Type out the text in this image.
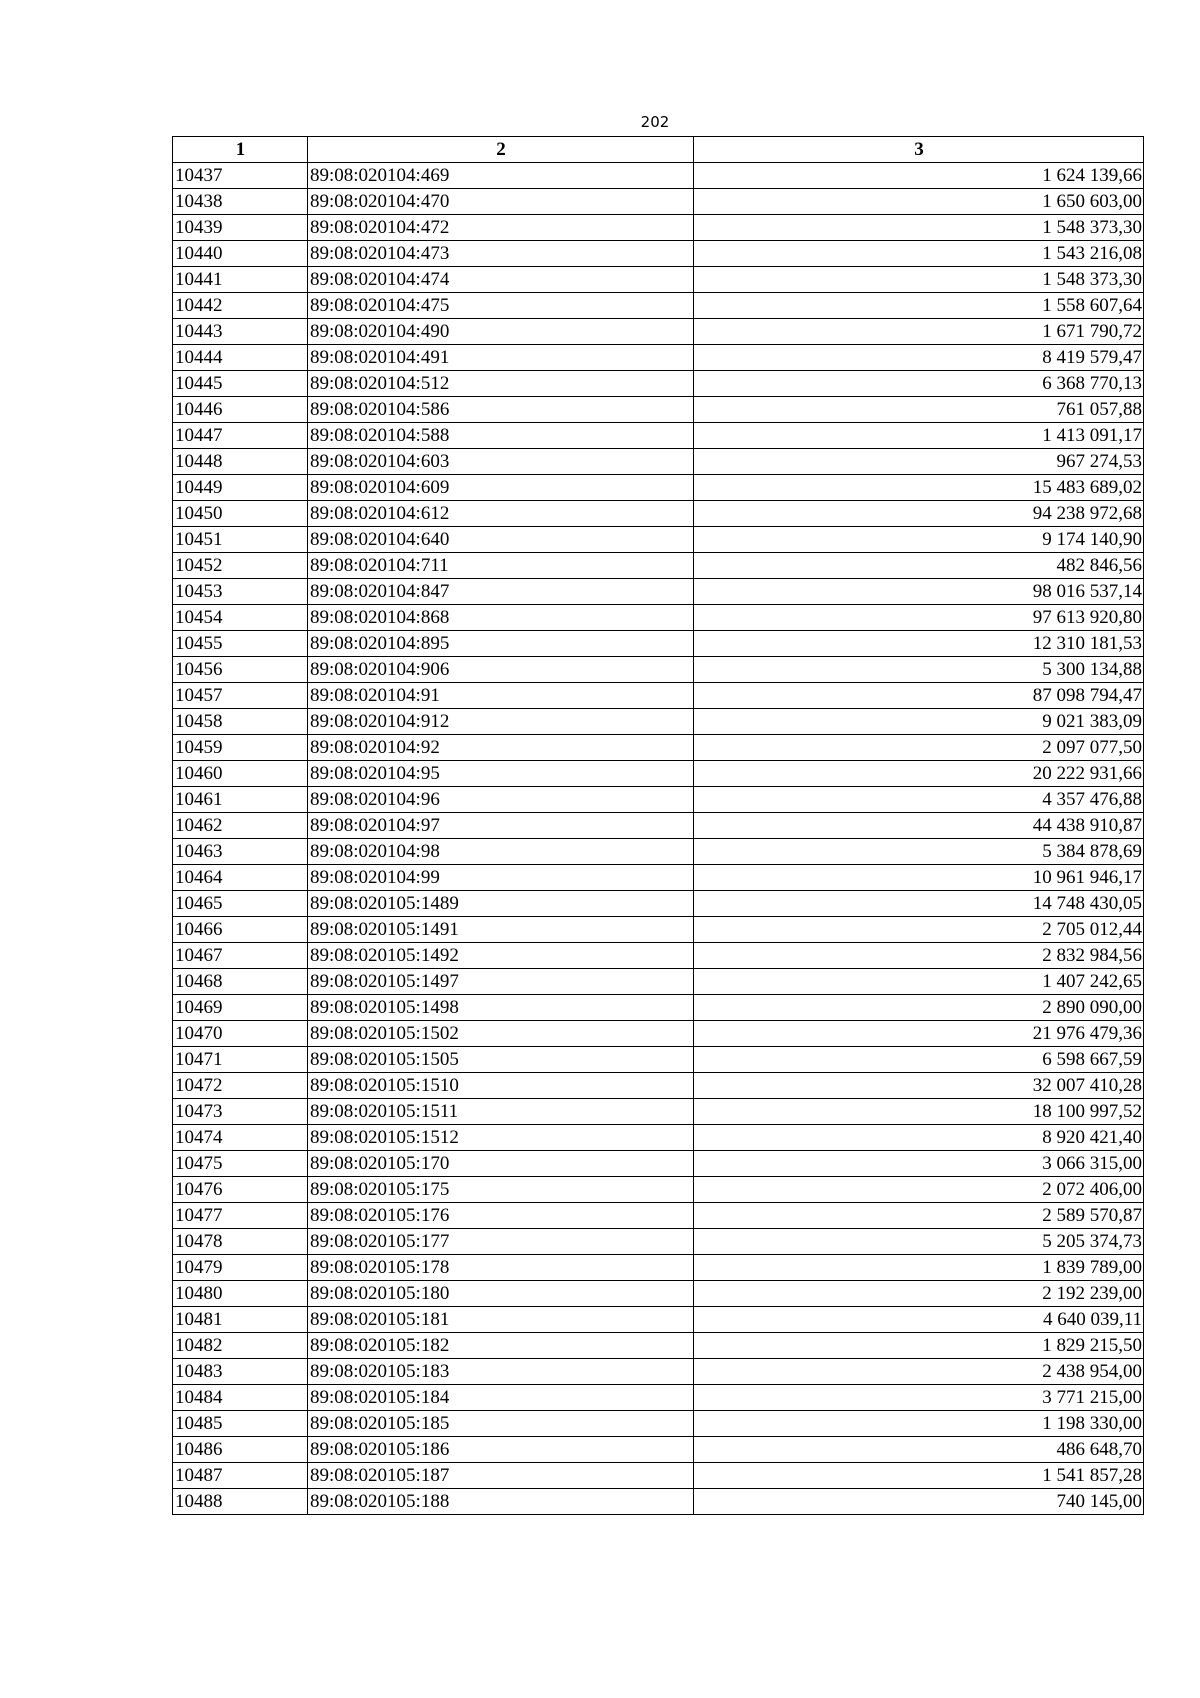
202
1	2	3
10437	89:08:020104:469	1 624 139,66
10438	89:08:020104:470	1 650 603,00
10439	89:08:020104:472	1 548 373,30
10440	89:08:020104:473	1 543 216,08
10441	89:08:020104:474	1 548 373,30
10442	89:08:020104:475	1 558 607,64
10443	89:08:020104:490	1 671 790,72
10444	89:08:020104:491	8 419 579,47
10445	89:08:020104:512	6 368 770,13
10446	89:08:020104:586	761 057,88
10447	89:08:020104:588	1 413 091,17
10448	89:08:020104:603	967 274,53
10449	89:08:020104:609	15 483 689,02
10450	89:08:020104:612	94 238 972,68
10451	89:08:020104:640	9 174 140,90
10452	89:08:020104:711	482 846,56
10453	89:08:020104:847	98 016 537,14
10454	89:08:020104:868	97 613 920,80
10455	89:08:020104:895	12 310 181,53
10456	89:08:020104:906	5 300 134,88
10457	89:08:020104:91	87 098 794,47
10458	89:08:020104:912	9 021 383,09
10459	89:08:020104:92	2 097 077,50
10460	89:08:020104:95	20 222 931,66
10461	89:08:020104:96	4 357 476,88
10462	89:08:020104:97	44 438 910,87
10463	89:08:020104:98	5 384 878,69
10464	89:08:020104:99	10 961 946,17
10465	89:08:020105:1489	14 748 430,05
10466	89:08:020105:1491	2 705 012,44
10467	89:08:020105:1492	2 832 984,56
10468	89:08:020105:1497	1 407 242,65
10469	89:08:020105:1498	2 890 090,00
10470	89:08:020105:1502	21 976 479,36
10471	89:08:020105:1505	6 598 667,59
10472	89:08:020105:1510	32 007 410,28
10473	89:08:020105:1511	18 100 997,52
10474	89:08:020105:1512	8 920 421,40
10475	89:08:020105:170	3 066 315,00
10476	89:08:020105:175	2 072 406,00
10477	89:08:020105:176	2 589 570,87
10478	89:08:020105:177	5 205 374,73
10479	89:08:020105:178	1 839 789,00
10480	89:08:020105:180	2 192 239,00
10481	89:08:020105:181	4 640 039,11
10482	89:08:020105:182	1 829 215,50
10483	89:08:020105:183	2 438 954,00
10484	89:08:020105:184	3 771 215,00
10485	89:08:020105:185	1 198 330,00
10486	89:08:020105:186	486 648,70
10487	89:08:020105:187	1 541 857,28
10488	89:08:020105:188	740 145,00
